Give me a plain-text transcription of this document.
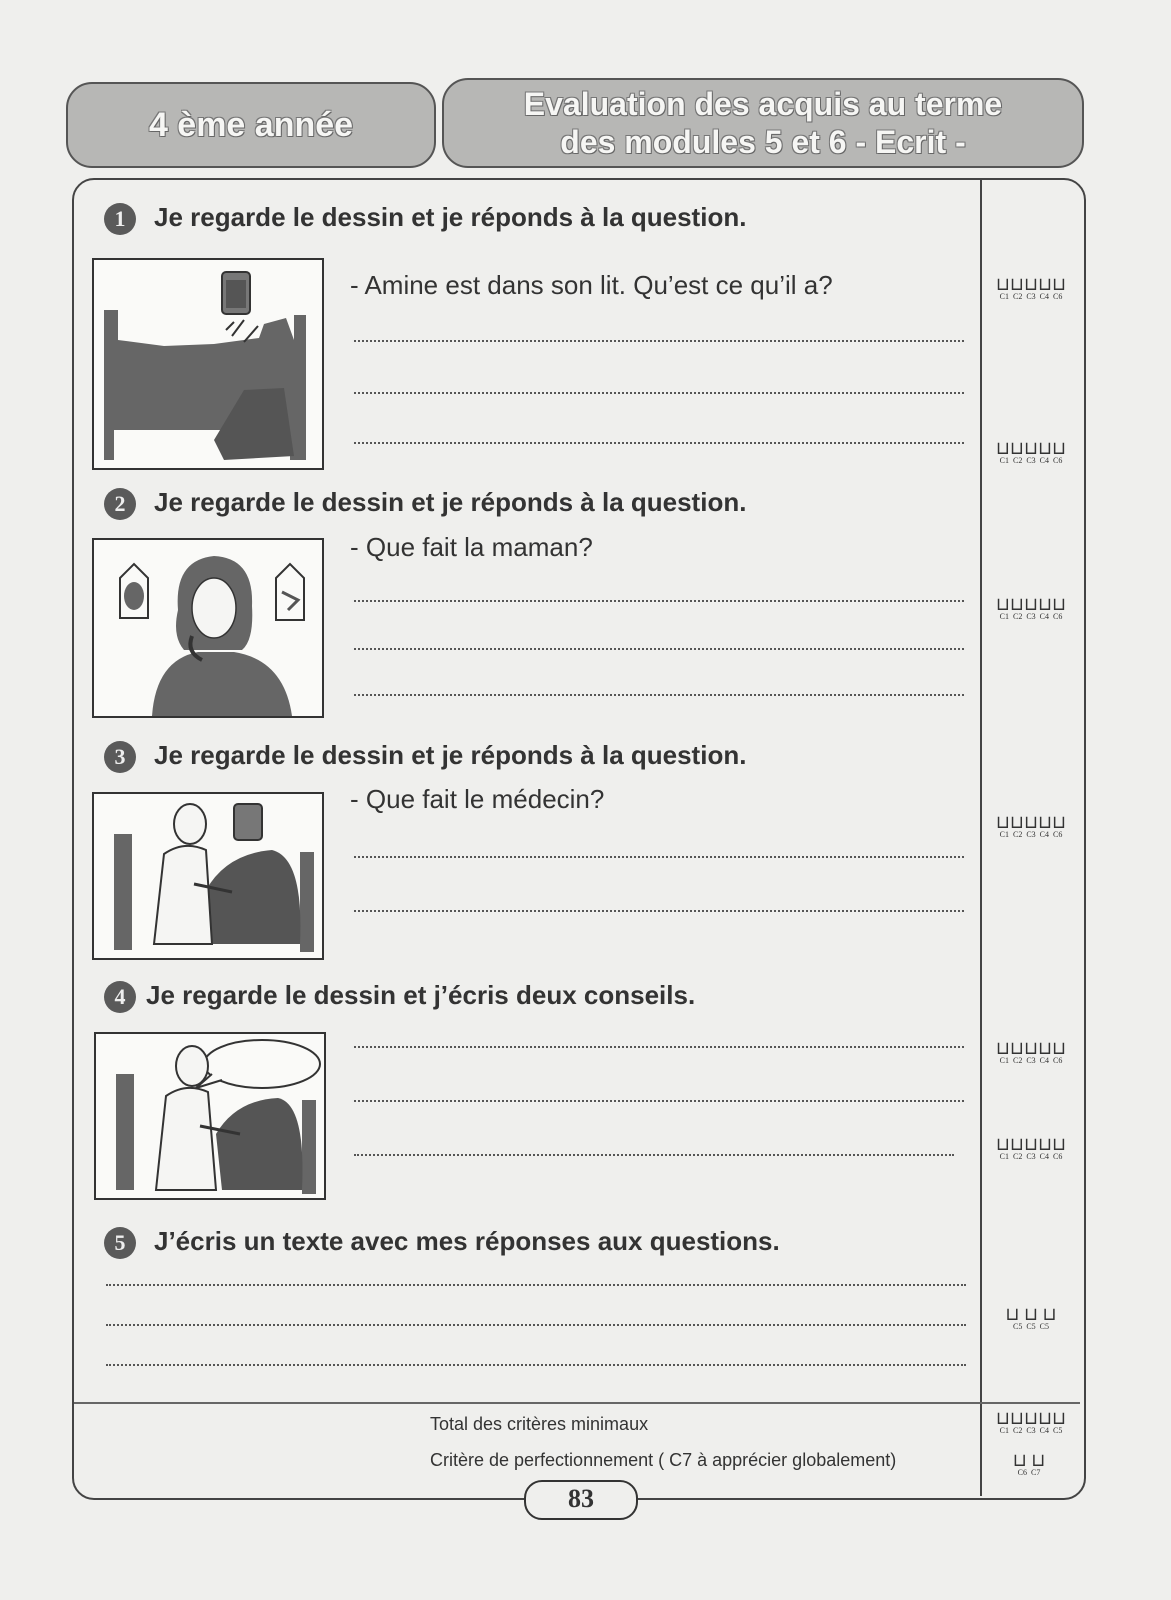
4 ème année
Evaluation des acquis au terme
des modules 5 et 6 - Ecrit -
1 Je regarde le dessin et je réponds à la question.
- Amine est dans son lit. Qu’est ce qu’il a?
2 Je regarde le dessin et je réponds à la question.
- Que fait la maman?
3 Je regarde le dessin et je réponds à la question.
- Que fait le médecin?
4 Je regarde le dessin et j’écris deux conseils.
5 J’écris un texte avec mes réponses aux questions.
⊔⊔⊔⊔⊔
C1 C2 C3 C4 C6
⊔⊔⊔⊔⊔
C1 C2 C3 C4 C6
⊔⊔⊔⊔⊔
C1 C2 C3 C4 C6
⊔⊔⊔⊔⊔
C1 C2 C3 C4 C6
⊔⊔⊔⊔⊔
C1 C2 C3 C4 C6
⊔⊔⊔⊔⊔
C1 C2 C3 C4 C6
⊔ ⊔ ⊔
C5 C5 C5
Total des critères minimaux
Critère de perfectionnement ( C7 à apprécier globalement)
⊔⊔⊔⊔⊔
C1 C2 C3 C4 C5
⊔ ⊔
C6 C7
83
